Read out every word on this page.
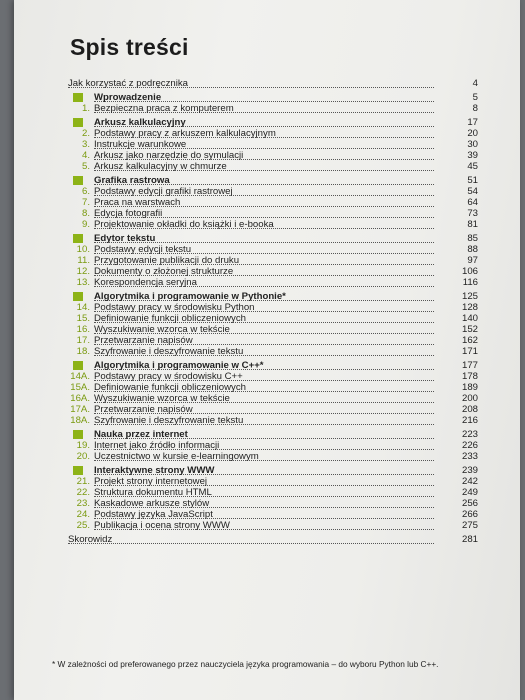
Spis treści
Jak korzystać z podręcznika	4
Wprowadzenie	5
1. Bezpieczna praca z komputerem	8
Arkusz kalkulacyjny	17
2. Podstawy pracy z arkuszem kalkulacyjnym	20
3. Instrukcje warunkowe	30
4. Arkusz jako narzędzie do symulacji	39
5. Arkusz kalkulacyjny w chmurze	45
Grafika rastrowa	51
6. Podstawy edycji grafiki rastrowej	54
7. Praca na warstwach	64
8. Edycja fotografii	73
9. Projektowanie okładki do książki i e-booka	81
Edytor tekstu	85
10. Podstawy edycji tekstu	88
11. Przygotowanie publikacji do druku	97
12. Dokumenty o złożonej strukturze	106
13. Korespondencja seryjna	116
Algorytmika i programowanie w Pythonie*	125
14. Podstawy pracy w środowisku Python	128
15. Definiowanie funkcji obliczeniowych	140
16. Wyszukiwanie wzorca w tekście	152
17. Przetwarzanie napisów	162
18. Szyfrowanie i deszyfrowanie tekstu	171
Algorytmika i programowanie w C++*	177
14A. Podstawy pracy w środowisku C++	178
15A. Definiowanie funkcji obliczeniowych	189
16A. Wyszukiwanie wzorca w tekście	200
17A. Przetwarzanie napisów	208
18A. Szyfrowanie i deszyfrowanie tekstu	216
Nauka przez internet	223
19. Internet jako źródło informacji	226
20. Uczestnictwo w kursie e-learningowym	233
Interaktywne strony WWW	239
21. Projekt strony internetowej	242
22. Struktura dokumentu HTML	249
23. Kaskadowe arkusze stylów	256
24. Podstawy języka JavaScript	266
25. Publikacja i ocena strony WWW	275
Skorowidz	281
* W zależności od preferowanego przez nauczyciela języka programowania – do wyboru Python lub C++.
